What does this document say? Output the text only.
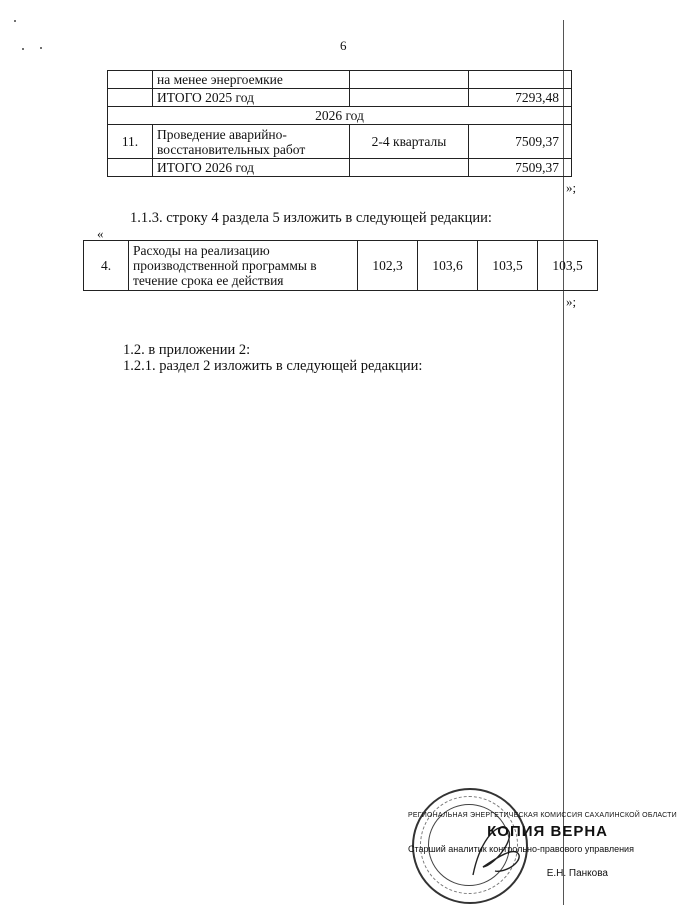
6
	на менее энергоемкие		
	ИТОГО 2025 год		7293,48
2026 год			
11.	Проведение аварийно-восстановительных работ	2-4 кварталы	7509,37
	ИТОГО 2026 год		7509,37
»;
1.1.3. строку 4 раздела 5 изложить в следующей редакции:
«
4.	Расходы на реализацию производственной программы в течение срока ее действия	102,3	103,6	103,5	103,5
»;
1.2. в приложении 2:
1.2.1. раздел 2 изложить в следующей редакции:
РЕГИОНАЛЬНАЯ ЭНЕРГЕТИЧЕСКАЯ КОМИССИЯ САХАЛИНСКОЙ ОБЛАСТИ
КОПИЯ ВЕРНА
Старший аналитик контрольно-правового управления
Е.Н. Панкова
